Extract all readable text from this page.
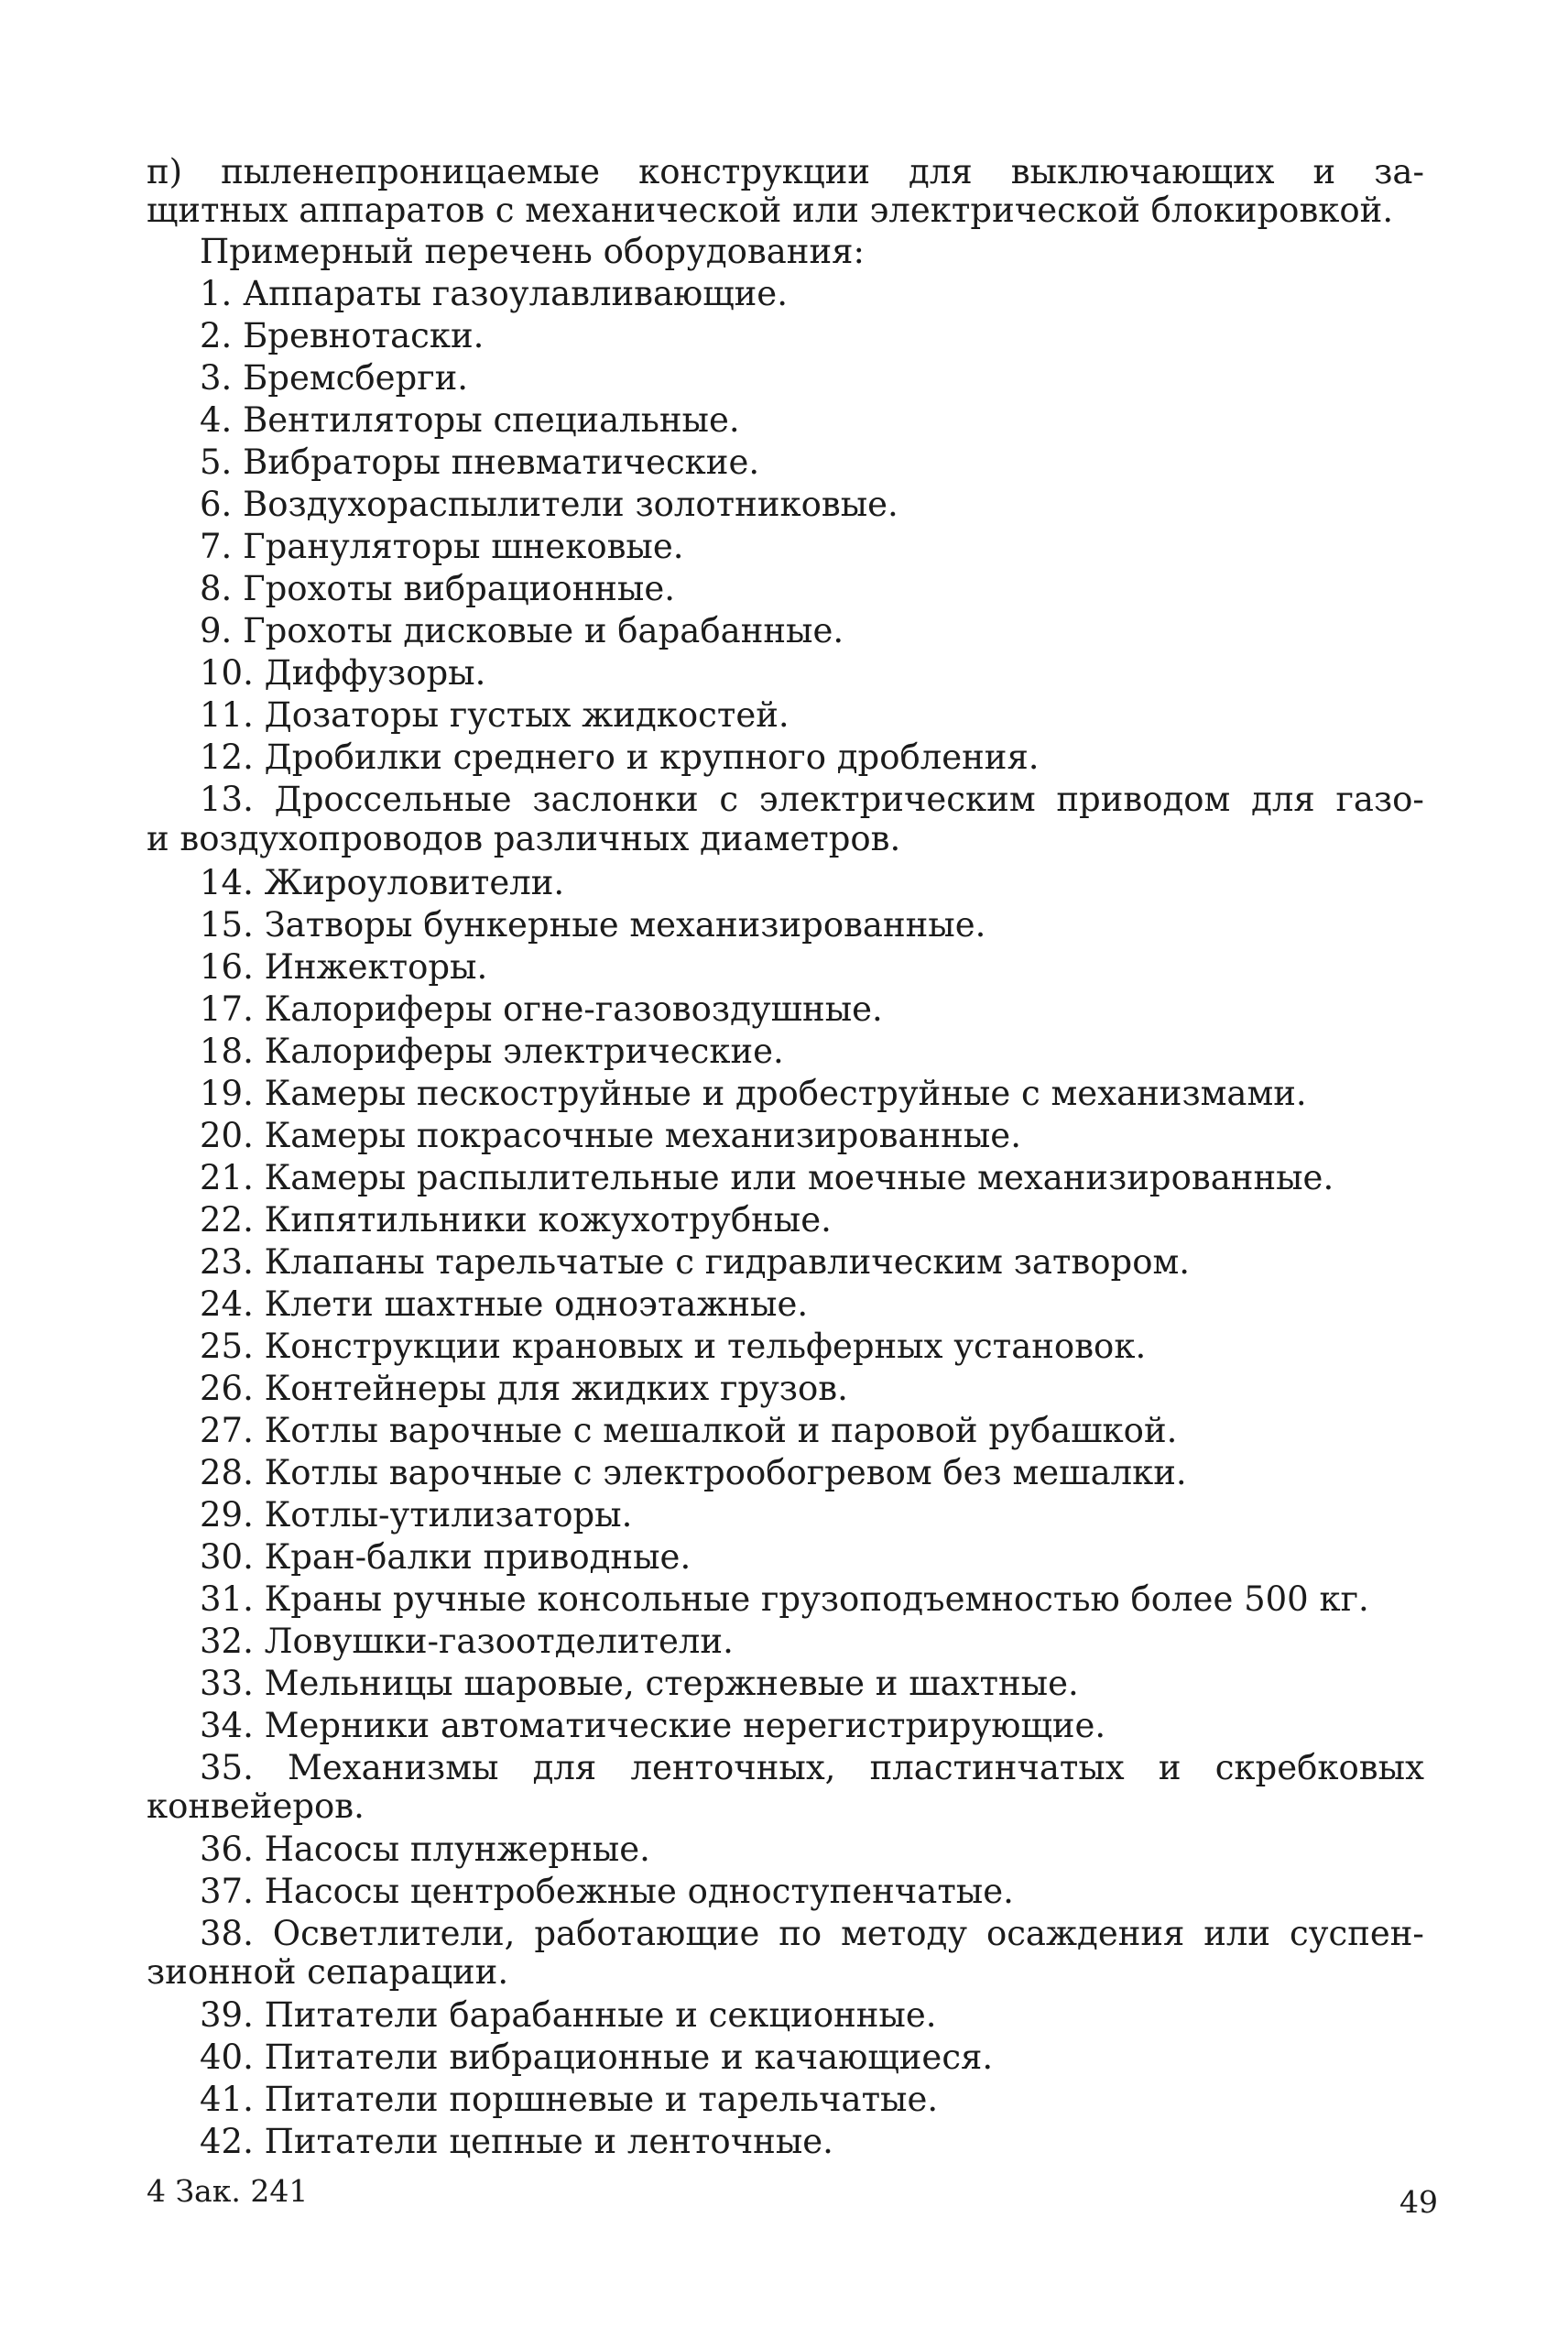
п) пыленепроницаемые конструкции для выключающих и за-
щитных аппаратов с механической или электрической блокировкой.
Примерный перечень оборудования:
1. Аппараты газоулавливающие.
2. Бревнотаски.
3. Бремсберги.
4. Вентиляторы специальные.
5. Вибраторы пневматические.
6. Воздухораспылители золотниковые.
7. Грануляторы шнековые.
8. Грохоты вибрационные.
9. Грохоты дисковые и барабанные.
10. Диффузоры.
11. Дозаторы густых жидкостей.
12. Дробилки среднего и крупного дробления.
13. Дроссельные заслонки с электрическим приводом для газо-
и воздухопроводов различных диаметров.
14. Жироуловители.
15. Затворы бункерные механизированные.
16. Инжекторы.
17. Калориферы огне-газовоздушные.
18. Калориферы электрические.
19. Камеры пескоструйные и дробеструйные с механизмами.
20. Камеры покрасочные механизированные.
21. Камеры распылительные или моечные механизированные.
22. Кипятильники кожухотрубные.
23. Клапаны тарельчатые с гидравлическим затвором.
24. Клети шахтные одноэтажные.
25. Конструкции крановых и тельферных установок.
26. Контейнеры для жидких грузов.
27. Котлы варочные с мешалкой и паровой рубашкой.
28. Котлы варочные с электрообогревом без мешалки.
29. Котлы-утилизаторы.
30. Кран-балки приводные.
31. Краны ручные консольные грузоподъемностью более 500 кг.
32. Ловушки-газоотделители.
33. Мельницы шаровые, стержневые и шахтные.
34. Мерники автоматические нерегистрирующие.
35. Механизмы для ленточных, пластинчатых и скребковых
конвейеров.
36. Насосы плунжерные.
37. Насосы центробежные одноступенчатые.
38. Осветлители, работающие по методу осаждения или суспен-
зионной сепарации.
39. Питатели барабанные и секционные.
40. Питатели вибрационные и качающиеся.
41. Питатели поршневые и тарельчатые.
42. Питатели цепные и ленточные.
4 Зак. 241	49
